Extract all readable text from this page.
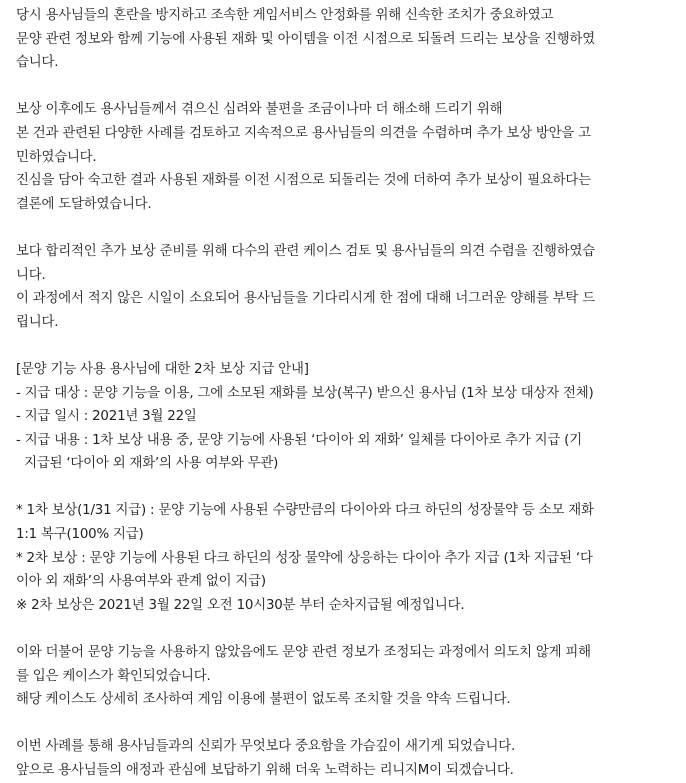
당시 용사님들의 혼란을 방지하고 조속한 게임서비스 안정화를 위해 신속한 조치가 중요하였고
문양 관련 정보와 함께 기능에 사용된 재화 및 아이템을 이전 시점으로 되돌려 드리는 보상을 진행하였
습니다.
보상 이후에도 용사님들께서 겪으신 심려와 불편을 조금이나마 더 해소해 드리기 위해
본 건과 관련된 다양한 사례를 검토하고 지속적으로 용사님들의 의견을 수렴하며 추가 보상 방안을 고
민하였습니다.
진심을 담아 숙고한 결과 사용된 재화를 이전 시점으로 되돌리는 것에 더하여 추가 보상이 필요하다는
결론에 도달하였습니다.
보다 합리적인 추가 보상 준비를 위해 다수의 관련 케이스 검토 및 용사님들의 의견 수렴을 진행하였습
니다.
이 과정에서 적지 않은 시일이 소요되어 용사님들을 기다리시게 한 점에 대해 너그러운 양해를 부탁 드
립니다.
[문양 기능 사용 용사님에 대한 2차 보상 지급 안내]
- 지급 대상 : 문양 기능을 이용, 그에 소모된 재화를 보상(복구) 받으신 용사님 (1차 보상 대상자 전체)
- 지급 일시 : 2021년 3월 22일
- 지급 내용 : 1차 보상 내용 중, 문양 기능에 사용된 ‘다이아 외 재화’ 일체를 다이아로 추가 지급 (기
지급된 ‘다이아 외 재화’의 사용 여부와 무관)
* 1차 보상(1/31 지급) : 문양 기능에 사용된 수량만큼의 다이아와 다크 하딘의 성장물약 등 소모 재화
1:1 복구(100% 지급)
* 2차 보상 : 문양 기능에 사용된 다크 하딘의 성장 물약에 상응하는 다이아 추가 지급 (1차 지급된 ‘다
이아 외 재화’의 사용여부와 관계 없이 지급)
※ 2차 보상은 2021년 3월 22일 오전 10시30분 부터 순차지급될 예정입니다.
이와 더불어 문양 기능을 사용하지 않았음에도 문양 관련 정보가 조정되는 과정에서 의도치 않게 피해
를 입은 케이스가 확인되었습니다.
해당 케이스도 상세히 조사하여 게임 이용에 불편이 없도록 조치할 것을 약속 드립니다.
이번 사례를 통해 용사님들과의 신뢰가 무엇보다 중요함을 가슴깊이 새기게 되었습니다.
앞으로 용사님들의 애정과 관심에 보답하기 위해 더욱 노력하는 리니지M이 되겠습니다.
